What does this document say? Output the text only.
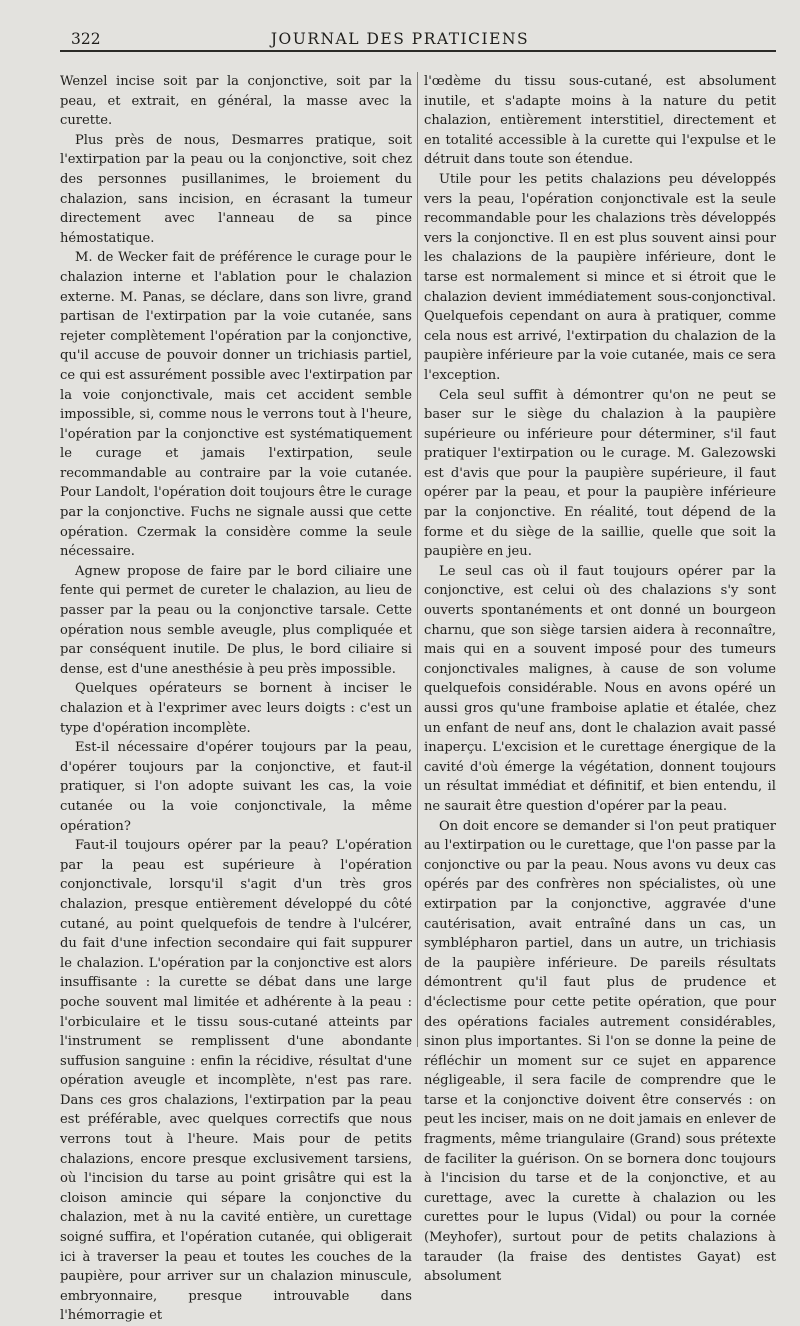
JOURNAL DES PRATICIENS
322

Wenzel incise soit par la conjonctive, soit par la peau, et extrait, en général, la masse avec la curette.

Plus près de nous, Desmarres pratique, soit l'extirpation par la peau ou la conjonctive, soit chez des personnes pusillanimes, le broiement du chalazion, sans incision, en écrasant la tumeur directement avec l'anneau de sa pince hémostatique.

M. de Wecker fait de préférence le curage pour le chalazion interne et l'ablation pour le chalazion externe. M. Panas, se déclare, dans son livre, grand partisan de l'extirpation par la voie cutanée, sans rejeter complètement l'opération par la conjonctive, qu'il accuse de pouvoir donner un trichiasis partiel, ce qui est assurément possible avec l'extirpation par la voie conjonctivale, mais cet accident semble impossible, si, comme nous le verrons tout à l'heure, l'opération par la conjonctive est systématiquement le curage et jamais l'extirpation, seule recommandable au contraire par la voie cutanée. Pour Landolt, l'opération doit toujours être le curage par la conjonctive. Fuchs ne signale aussi que cette opération. Czermak la considère comme la seule nécessaire.

Agnew propose de faire par le bord ciliaire une fente qui permet de cureter le chalazion, au lieu de passer par la peau ou la conjonctive tarsale. Cette opération nous semble aveugle, plus compliquée et par conséquent inutile. De plus, le bord ciliaire si dense, est d'une anesthésie à peu près impossible.

Quelques opérateurs se bornent à inciser le chalazion et à l'exprimer avec leurs doigts : c'est un type d'opération incomplète.

Est-il nécessaire d'opérer toujours par la peau, d'opérer toujours par la conjonctive, et faut-il pratiquer, si l'on adopte suivant les cas, la voie cutanée ou la voie conjonctivale, la même opération?

Faut-il toujours opérer par la peau? L'opération par la peau est supérieure à l'opération conjonctivale, lorsqu'il s'agit d'un très gros chalazion, presque entièrement développé du côté cutané, au point quelquefois de tendre à l'ulcérer, du fait d'une infection secondaire qui fait suppurer le chalazion. L'opération par la conjonctive est alors insuffisante : la curette se débat dans une large poche souvent mal limitée et adhérente à la peau : l'orbiculaire et le tissu sous-cutané atteints par l'instrument se remplissent d'une abondante suffusion sanguine : enfin la récidive, résultat d'une opération aveugle et incomplète, n'est pas rare. Dans ces gros chalazions, l'extirpation par la peau est préférable, avec quelques correctifs que nous verrons tout à l'heure. Mais pour de petits chalazions, encore presque exclusivement tarsiens, où l'incision du tarse au point grisâtre qui est la cloison amincie qui sépare la conjonctive du chalazion, met à nu la cavité entière, un curettage soigné suffira, et l'opération cutanée, qui obligerait ici à traverser la peau et toutes les couches de la paupière, pour arriver sur un chalazion minuscule, embryonnaire, presque introuvable dans l'hémorragie et

l'œdème du tissu sous-cutané, est absolument inutile, et s'adapte moins à la nature du petit chalazion, entièrement interstitiel, directement et en totalité accessible à la curette qui l'expulse et le détruit dans toute son étendue.

Utile pour les petits chalazions peu développés vers la peau, l'opération conjonctivale est la seule recommandable pour les chalazions très développés vers la conjonctive. Il en est plus souvent ainsi pour les chalazions de la paupière inférieure, dont le tarse est normalement si mince et si étroit que le chalazion devient immédiatement sous-conjonctival. Quelquefois cependant on aura à pratiquer, comme cela nous est arrivé, l'extirpation du chalazion de la paupière inférieure par la voie cutanée, mais ce sera l'exception.

Cela seul suffit à démontrer qu'on ne peut se baser sur le siège du chalazion à la paupière supérieure ou inférieure pour déterminer, s'il faut pratiquer l'extirpation ou le curage. M. Galezowski est d'avis que pour la paupière supérieure, il faut opérer par la peau, et pour la paupière inférieure par la conjonctive. En réalité, tout dépend de la forme et du siège de la saillie, quelle que soit la paupière en jeu.

Le seul cas où il faut toujours opérer par la conjonctive, est celui où des chalazions s'y sont ouverts spontanéments et ont donné un bourgeon charnu, que son siège tarsien aidera à reconnaître, mais qui en a souvent imposé pour des tumeurs conjonctivales malignes, à cause de son volume quelquefois considérable. Nous en avons opéré un aussi gros qu'une framboise aplatie et étalée, chez un enfant de neuf ans, dont le chalazion avait passé inaperçu. L'excision et le curettage énergique de la cavité d'où émerge la végétation, donnent toujours un résultat immédiat et définitif, et bien entendu, il ne saurait être question d'opérer par la peau.

On doit encore se demander si l'on peut pratiquer au l'extirpation ou le curettage, que l'on passe par la conjonctive ou par la peau. Nous avons vu deux cas opérés par des confrères non spécialistes, où une extirpation par la conjonctive, aggravée d'une cautérisation, avait entraîné dans un cas, un symblépharon partiel, dans un autre, un trichiasis de la paupière inférieure. De pareils résultats démontrent qu'il faut plus de prudence et d'éclectisme pour cette petite opération, que pour des opérations faciales autrement considérables, sinon plus importantes. Si l'on se donne la peine de réfléchir un moment sur ce sujet en apparence négligeable, il sera facile de comprendre que le tarse et la conjonctive doivent être conservés : on peut les inciser, mais on ne doit jamais en enlever de fragments, même triangulaire (Grand) sous prétexte de faciliter la guérison. On se bornera donc toujours à l'incision du tarse et de la conjonctive, et au curettage, avec la curette à chalazion ou les curettes pour le lupus (Vidal) ou pour la cornée (Meyhofer), surtout pour de petits chalazions à tarauder (la fraise des dentistes Gayat) est absolument
